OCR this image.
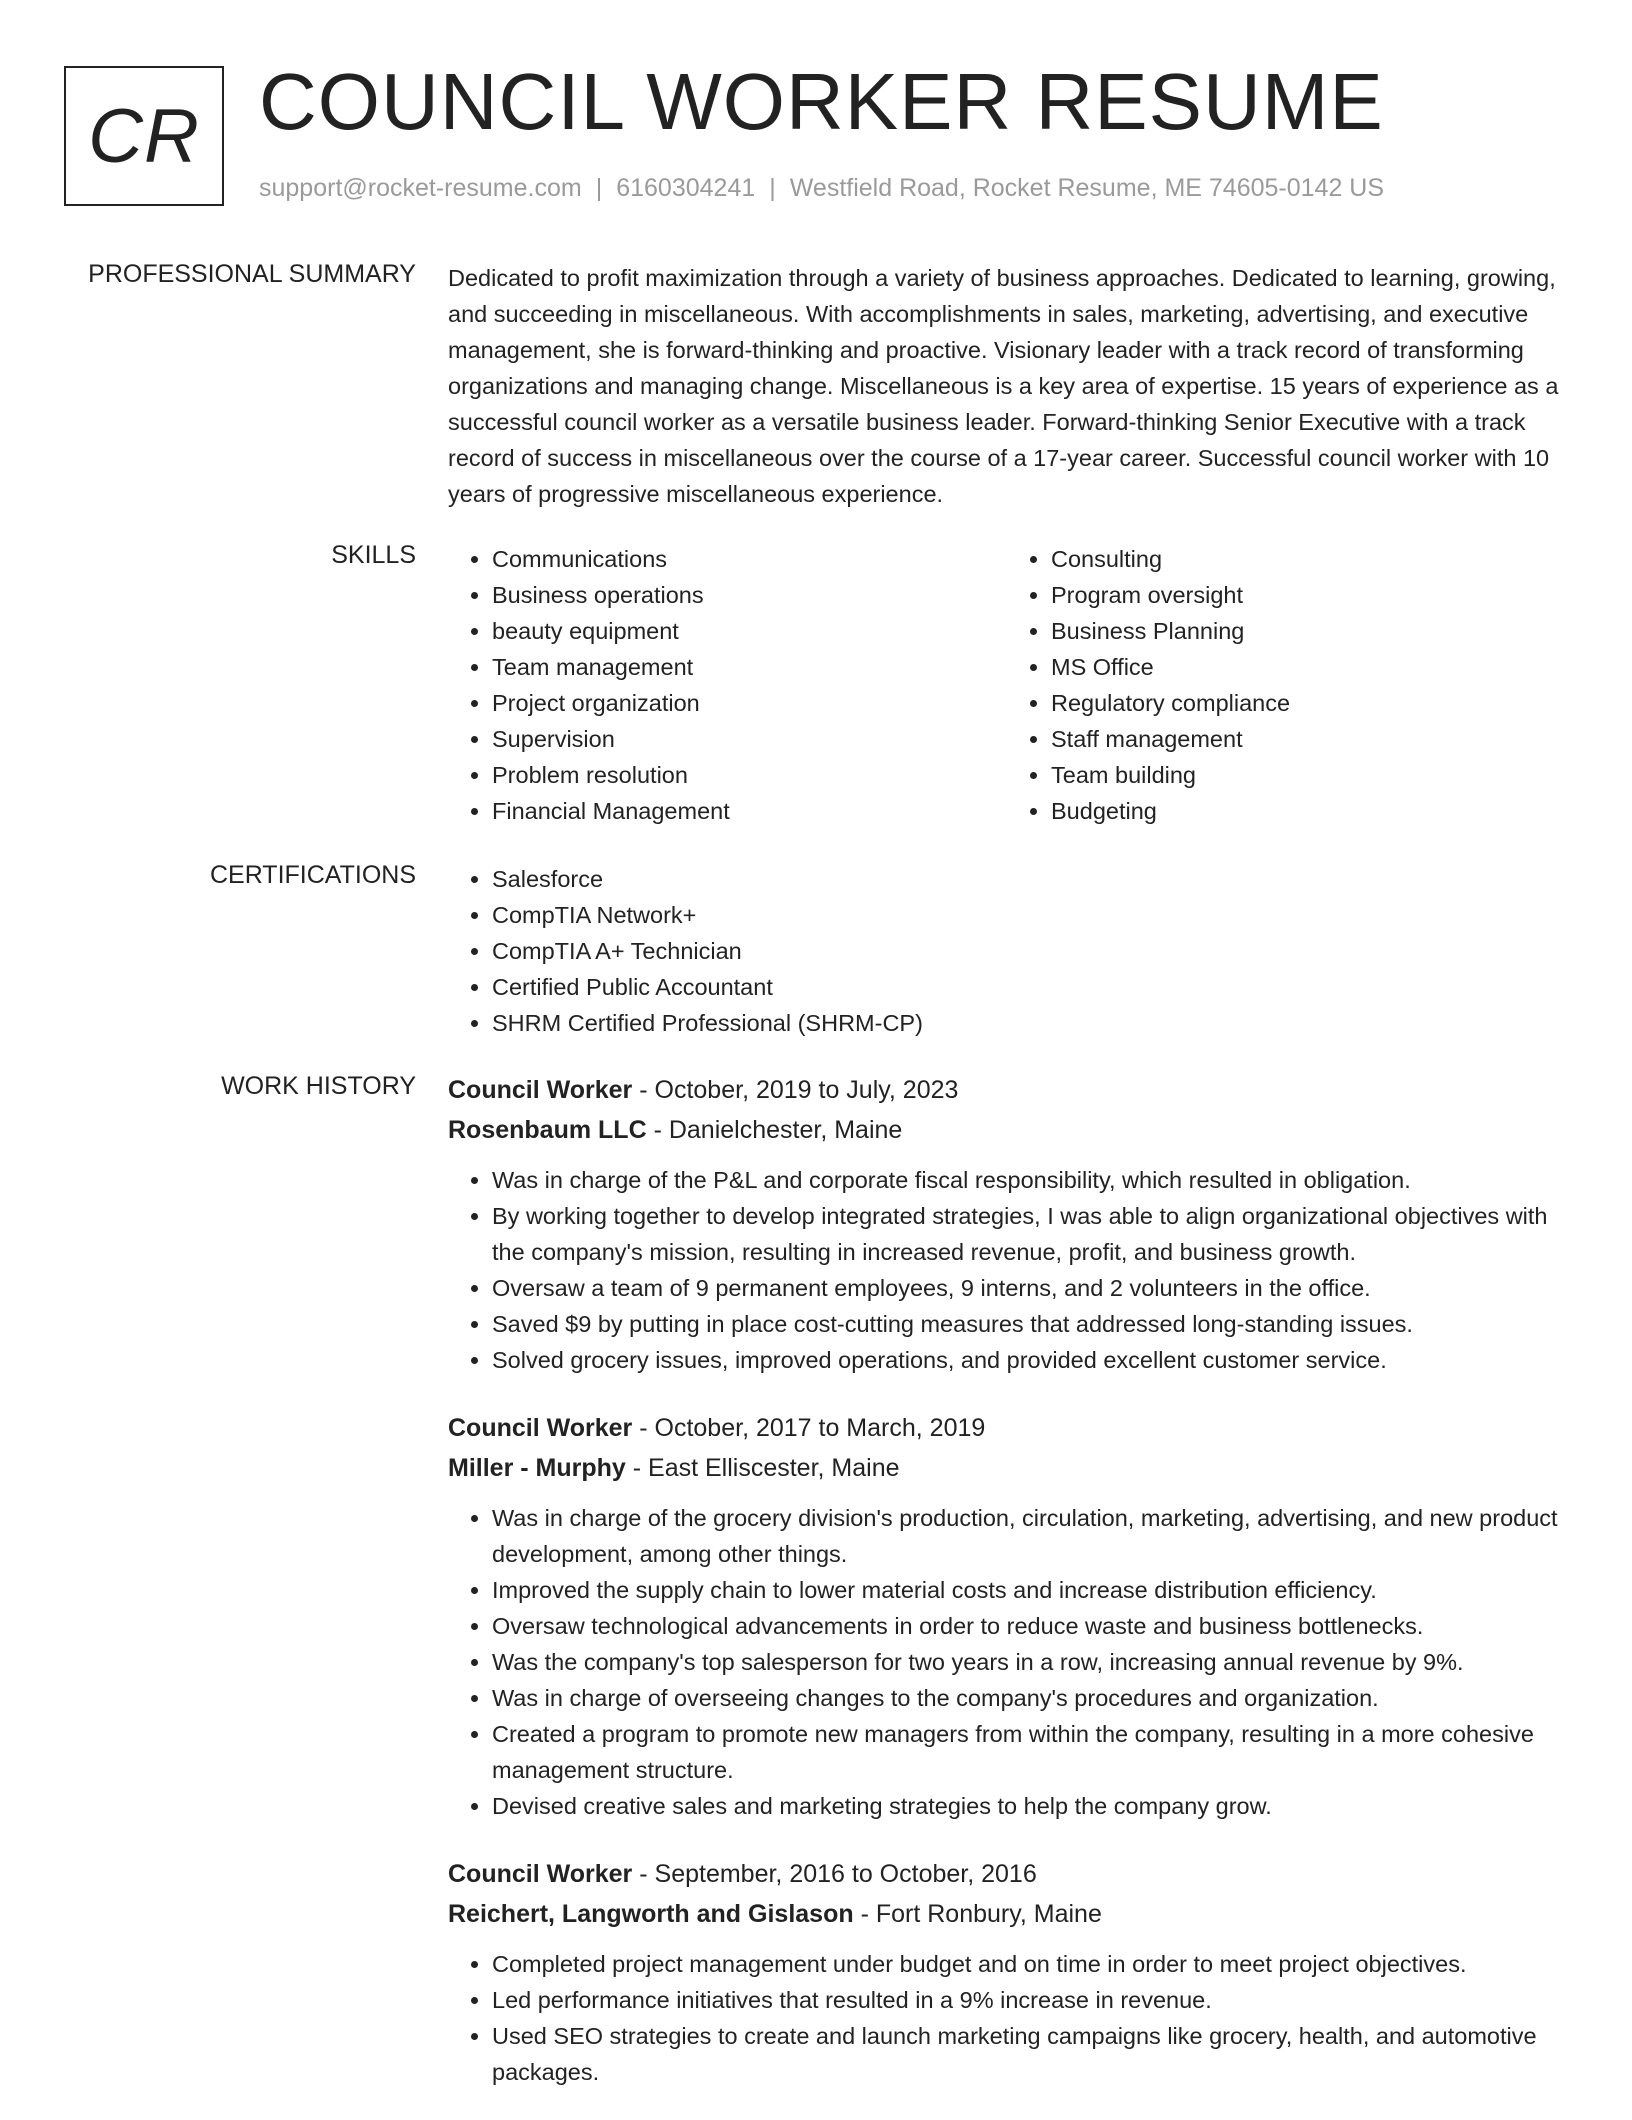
CR COUNCIL WORKER RESUME
support@rocket-resume.com | 6160304241 | Westfield Road, Rocket Resume, ME 74605-0142 US
PROFESSIONAL SUMMARY Dedicated to profit maximization through a variety of business approaches. Dedicated to learning, growing, and succeeding in miscellaneous. With accomplishments in sales, marketing, advertising, and executive management, she is forward-thinking and proactive. Visionary leader with a track record of transforming organizations and managing change. Miscellaneous is a key area of expertise. 15 years of experience as a successful council worker as a versatile business leader. Forward-thinking Senior Executive with a track record of success in miscellaneous over the course of a 17-year career. Successful council worker with 10 years of progressive miscellaneous experience.
SKILLS	• Communications
• Business operations
• beauty equipment
• Team management
• Project organization
• Supervision
• Problem resolution
• Financial Management
• Consulting
• Program oversight
• Business Planning
• MS Office
• Regulatory compliance
• Staff management
• Team building
• Budgeting
CERTIFICATIONS	• Salesforce
• CompTIA Network+
• CompTIA A+ Technician
• Certified Public Accountant
• SHRM Certified Professional (SHRM-CP)
WORK HISTORY Council Worker - October, 2019 to July, 2023
Rosenbaum LLC - Danielchester, Maine
• Was in charge of the P&L and corporate fiscal responsibility, which resulted in obligation.
• By working together to develop integrated strategies, I was able to align organizational objectives with the company's mission, resulting in increased revenue, profit, and business growth.
• Oversaw a team of 9 permanent employees, 9 interns, and 2 volunteers in the office.
• Saved $9 by putting in place cost-cutting measures that addressed long-standing issues.
• Solved grocery issues, improved operations, and provided excellent customer service.
Council Worker - October, 2017 to March, 2019
Miller - Murphy - East Elliscester, Maine
• Was in charge of the grocery division's production, circulation, marketing, advertising, and new product development, among other things.
• Improved the supply chain to lower material costs and increase distribution efficiency.
• Oversaw technological advancements in order to reduce waste and business bottlenecks.
• Was the company's top salesperson for two years in a row, increasing annual revenue by 9%.
• Was in charge of overseeing changes to the company's procedures and organization.
• Created a program to promote new managers from within the company, resulting in a more cohesive management structure.
• Devised creative sales and marketing strategies to help the company grow.
Council Worker - September, 2016 to October, 2016
Reichert, Langworth and Gislason - Fort Ronbury, Maine
• Completed project management under budget and on time in order to meet project objectives.
• Led performance initiatives that resulted in a 9% increase in revenue.
• Used SEO strategies to create and launch marketing campaigns like grocery, health, and automotive packages.
